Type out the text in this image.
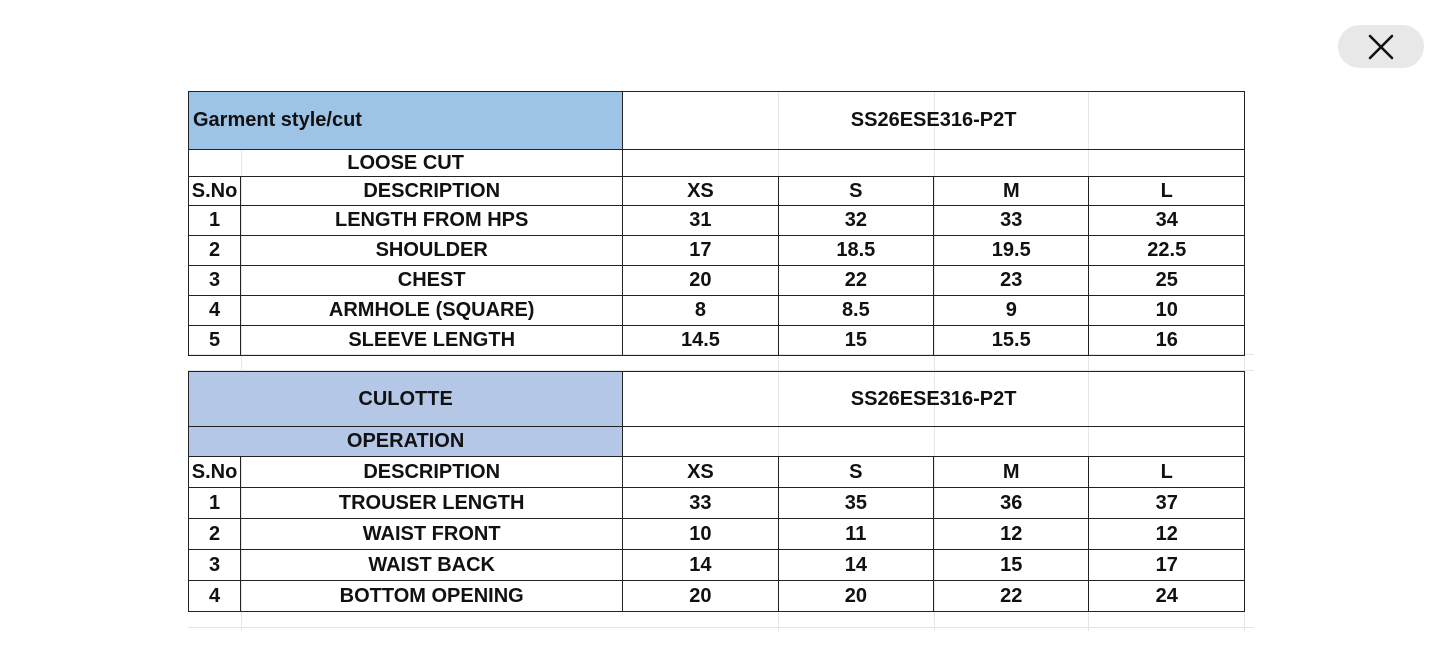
Garment style/cut		SS26ESE316-P2T			
LOOSE CUT					
S.No	DESCRIPTION	XS	S	M	L
1	LENGTH FROM HPS	31	32	33	34
2	SHOULDER	17	18.5	19.5	22.5
3	CHEST	20	22	23	25
4	ARMHOLE (SQUARE)	8	8.5	9	10
5	SLEEVE LENGTH	14.5	15	15.5	16
CULOTTE		SS26ESE316-P2T			
OPERATION					
S.No	DESCRIPTION	XS	S	M	L
1	TROUSER LENGTH	33	35	36	37
2	WAIST FRONT	10	11	12	12
3	WAIST BACK	14	14	15	17
4	BOTTOM OPENING	20	20	22	24
